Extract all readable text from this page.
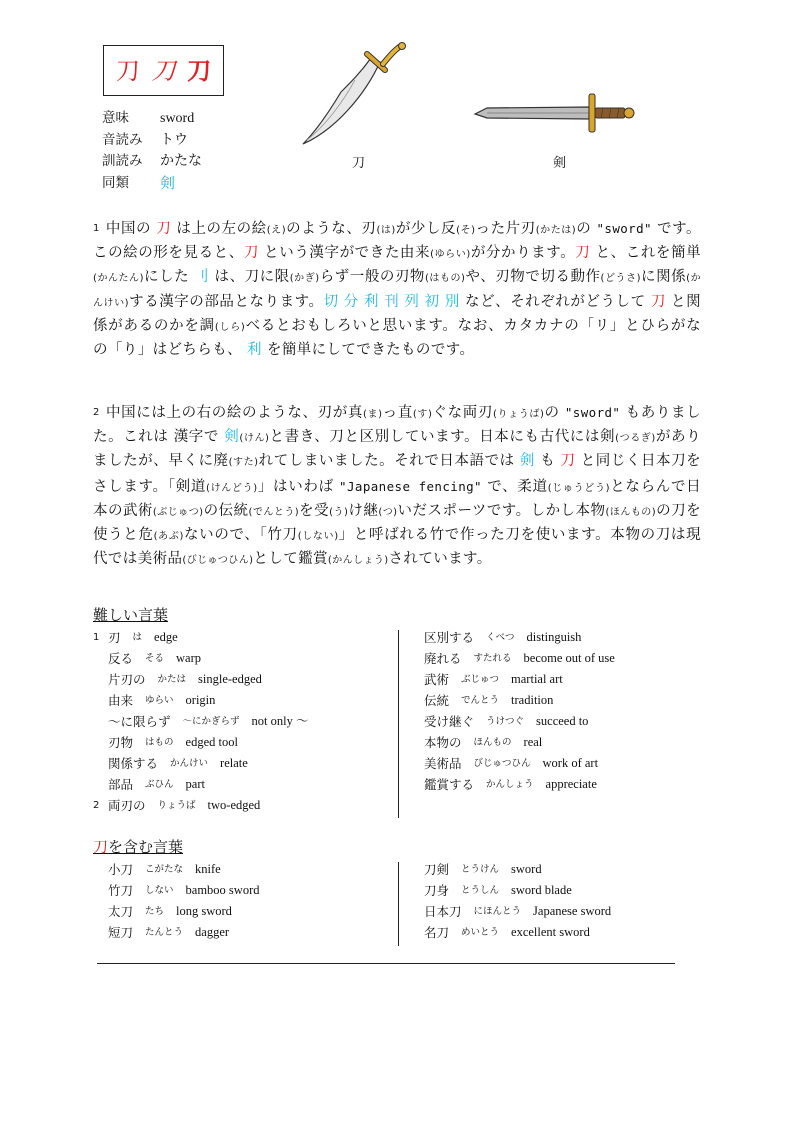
刀 刀 刀
意味	sword
音読み	トウ
訓読み	かたな
同類	剣
刀	剣
1 中国の 刀 は上の左の絵(え)のような、刃(は)が少し反(そ)った片刃(かたは)の "sword" です。この絵の形を見ると、刀 という漢字ができた由来(ゆらい)が分かります。刀 と、これを簡単(かんたん)にした 刂 は、刀に限(かぎ)らず一般の刃物(はもの)や、刃物で切る動作(どうさ)に関係(かんけい)する漢字の部品となります。切 分 利 刊 列 初 別 など、それぞれがどうして 刀 と関係があるのかを調(しら)べるとおもしろいと思います。なお、カタカナの「リ」とひらがなの「り」はどちらも、 利 を簡単にしてできたものです。
2 中国には上の右の絵のような、刃が真(ま)っ直(す)ぐな両刃(りょうば)の "sword" もありました。これは 漢字で 剣(けん)と書き、刀と区別しています。日本にも古代には剣(つるぎ)がありましたが、早くに廃(すた)れてしまいました。それで日本語では 剣 も 刀 と同じく日本刀をさします。「剣道(けんどう)」はいわば "Japanese fencing" で、柔道(じゅうどう)とならんで日本の武術(ぶじゅつ)の伝統(でんとう)を受(う)け継(つ)いだスポーツです。しかし本物(ほんもの)の刀を使うと危(あぶ)ないので、「竹刀(しない)」と呼ばれる竹で作った刀を使います。本物の刀は現代では美術品(びじゅつひん)として鑑賞(かんしょう)されています。
難しい言葉
1 刃 は edge
反る そる warp
片刃の かたは single-edged
由来 ゆらい origin
～に限らず ～にかぎらず not only ～
刃物 はもの edged tool
関係する かんけい relate
部品 ぶひん part
2 両刃の りょうば two-edged
区別する くべつ distinguish
廃れる すたれる become out of use
武術 ぶじゅつ martial art
伝統 でんとう tradition
受け継ぐ うけつぐ succeed to
本物の ほんもの real
美術品 びじゅつひん work of art
鑑賞する かんしょう appreciate
刀を含む言葉
小刀 こがたな knife
竹刀 しない bamboo sword
太刀 たち long sword
短刀 たんとう dagger
刀剣 とうけん sword
刀身 とうしん sword blade
日本刀 にほんとう Japanese sword
名刀 めいとう excellent sword
